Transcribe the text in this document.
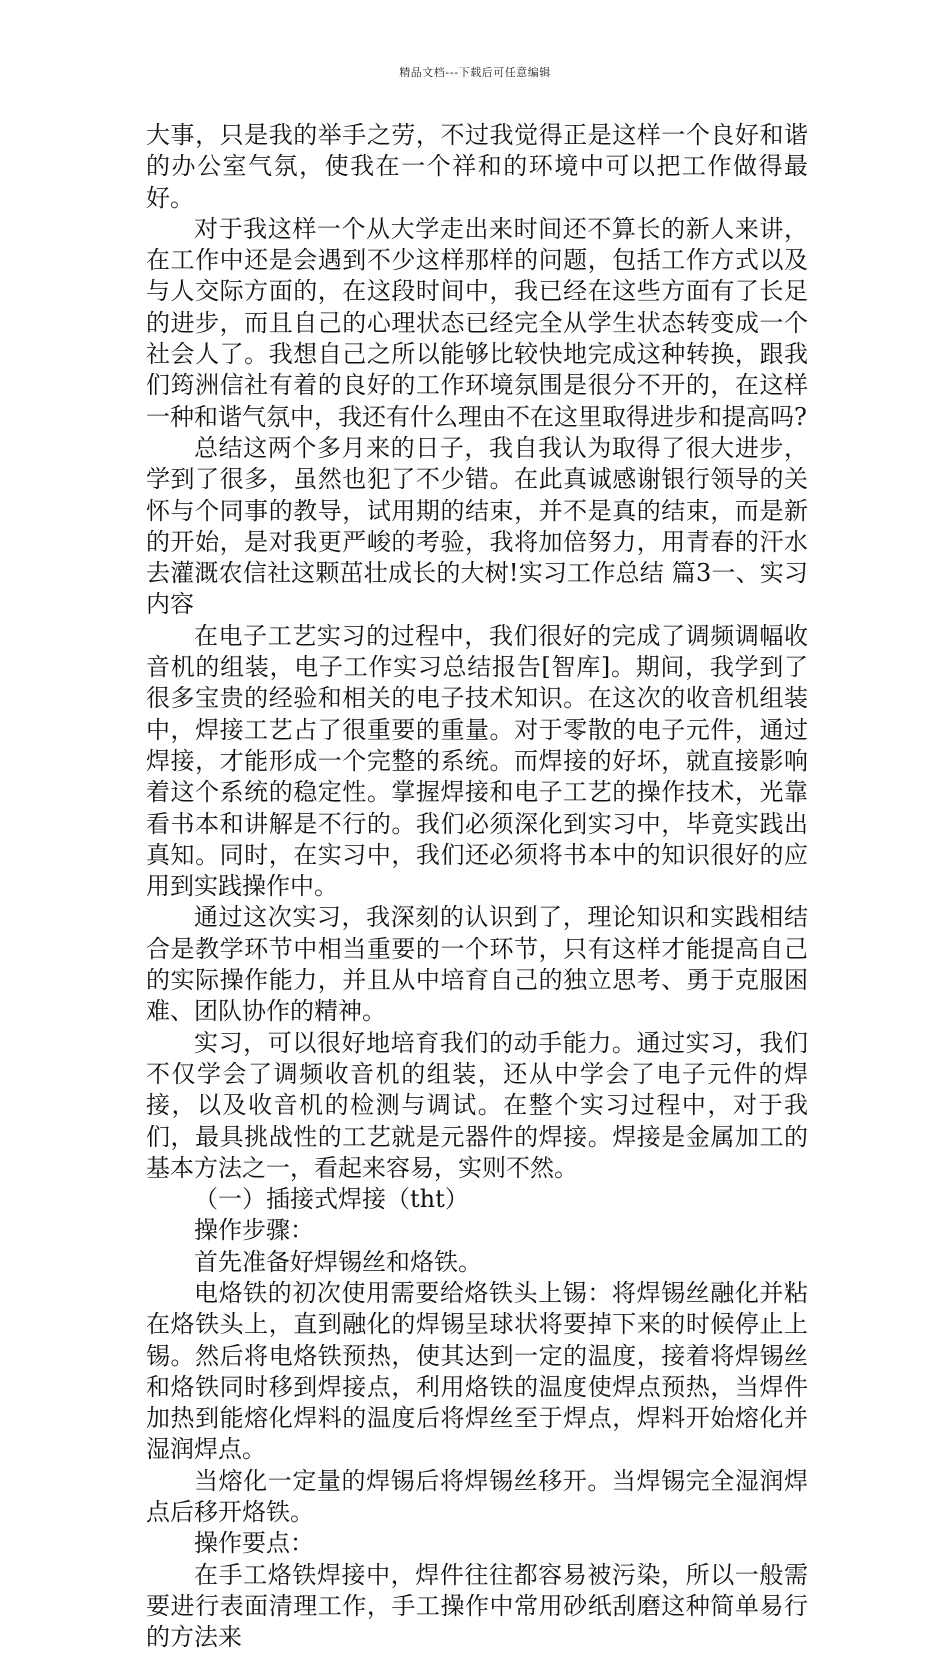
精品文档---下载后可任意编辑

大事，只是我的举手之劳，不过我觉得正是这样一个良好和谐的办公室气氛，使我在一个祥和的环境中可以把工作做得最好。

对于我这样一个从大学走出来时间还不算长的新人来讲，在工作中还是会遇到不少这样那样的问题，包括工作方式以及与人交际方面的，在这段时间中，我已经在这些方面有了长足的进步，而且自己的心理状态已经完全从学生状态转变成一个社会人了。我想自己之所以能够比较快地完成这种转换，跟我们筠洲信社有着的良好的工作环境氛围是很分不开的，在这样一种和谐气氛中，我还有什么理由不在这里取得进步和提高吗?

总结这两个多月来的日子，我自我认为取得了很大进步，学到了很多，虽然也犯了不少错。在此真诚感谢银行领导的关怀与个同事的教导，试用期的结束，并不是真的结束，而是新的开始，是对我更严峻的考验，我将加倍努力，用青春的汗水去灌溉农信社这颗茁壮成长的大树!实习工作总结 篇3一、实习内容

在电子工艺实习的过程中，我们很好的完成了调频调幅收音机的组装，电子工作实习总结报告[智库]。期间，我学到了很多宝贵的经验和相关的电子技术知识。在这次的收音机组装中，焊接工艺占了很重要的重量。对于零散的电子元件，通过焊接，才能形成一个完整的系统。而焊接的好坏，就直接影响着这个系统的稳定性。掌握焊接和电子工艺的操作技术，光靠看书本和讲解是不行的。我们必须深化到实习中，毕竟实践出真知。同时，在实习中，我们还必须将书本中的知识很好的应用到实践操作中。

通过这次实习，我深刻的认识到了，理论知识和实践相结合是教学环节中相当重要的一个环节，只有这样才能提高自己的实际操作能力，并且从中培育自己的独立思考、勇于克服困难、团队协作的精神。

实习，可以很好地培育我们的动手能力。通过实习，我们不仅学会了调频收音机的组装，还从中学会了电子元件的焊接，以及收音机的检测与调试。在整个实习过程中，对于我们，最具挑战性的工艺就是元器件的焊接。焊接是金属加工的基本方法之一，看起来容易，实则不然。

（一）插接式焊接（tht）

操作步骤：

首先准备好焊锡丝和烙铁。

电烙铁的初次使用需要给烙铁头上锡：将焊锡丝融化并粘在烙铁头上，直到融化的焊锡呈球状将要掉下来的时候停止上锡。然后将电烙铁预热，使其达到一定的温度，接着将焊锡丝和烙铁同时移到焊接点，利用烙铁的温度使焊点预热，当焊件加热到能熔化焊料的温度后将焊丝至于焊点，焊料开始熔化并湿润焊点。

当熔化一定量的焊锡后将焊锡丝移开。当焊锡完全湿润焊点后移开烙铁。

操作要点：

在手工烙铁焊接中，焊件往往都容易被污染，所以一般需要进行表面清理工作，手工操作中常用砂纸刮磨这种简单易行的方法来
